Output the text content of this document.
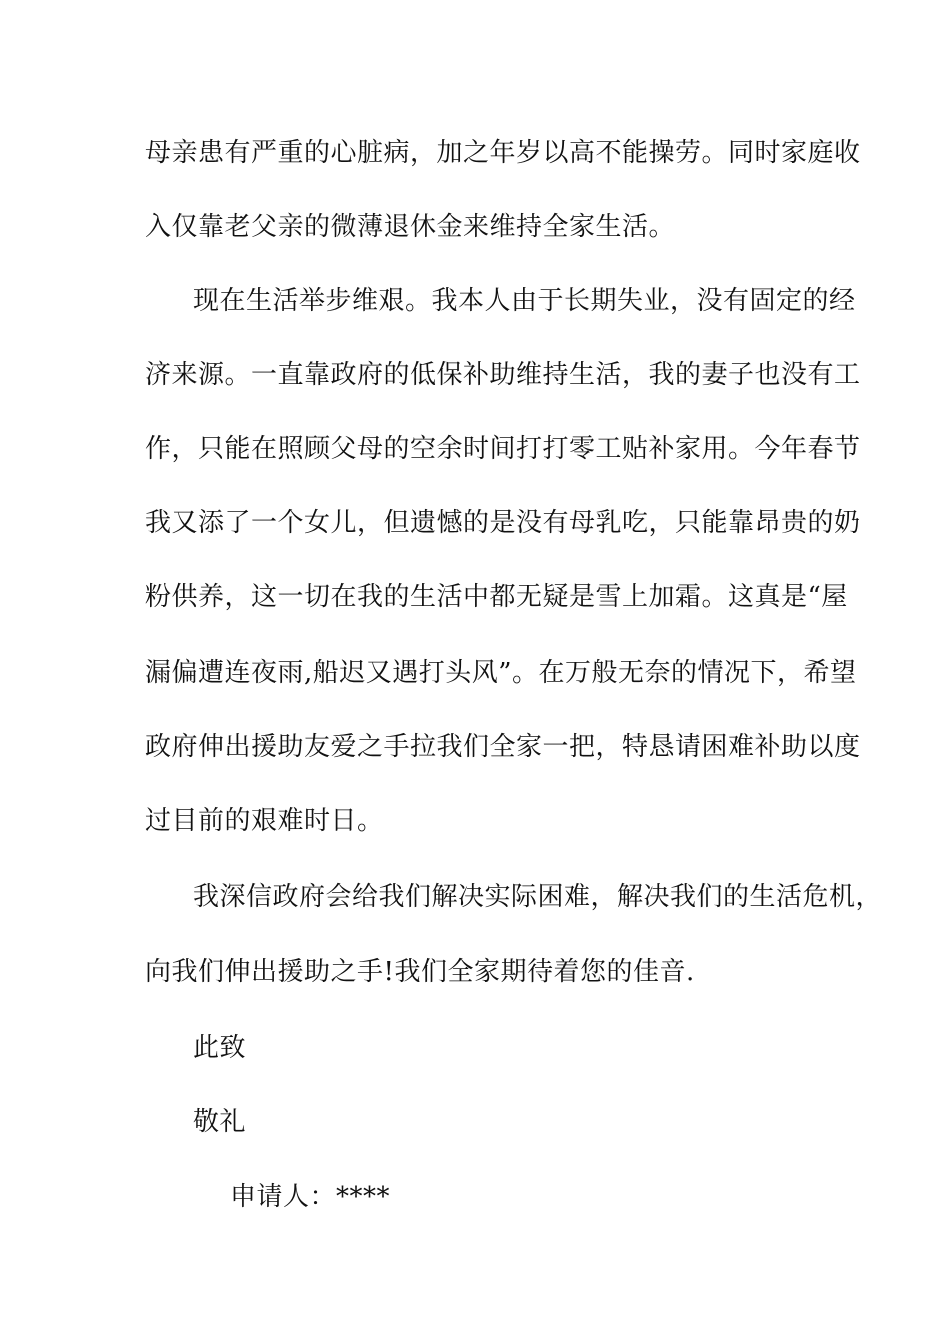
母亲患有严重的心脏病，加之年岁以高不能操劳。同时家庭收
入仅靠老父亲的微薄退休金来维持全家生活。
现在生活举步维艰。我本人由于长期失业，没有固定的经
济来源。一直靠政府的低保补助维持生活，我的妻子也没有工
作，只能在照顾父母的空余时间打打零工贴补家用。今年春节
我又添了一个女儿，但遗憾的是没有母乳吃，只能靠昂贵的奶
粉供养，这一切在我的生活中都无疑是雪上加霜。这真是“屋
漏偏遭连夜雨,船迟又遇打头风”。在万般无奈的情况下，希望
政府伸出援助友爱之手拉我们全家一把，特恳请困难补助以度
过目前的艰难时日。
我深信政府会给我们解决实际困难，解决我们的生活危机，
向我们伸出援助之手!我们全家期待着您的佳音.
此致
敬礼
申请人：****
